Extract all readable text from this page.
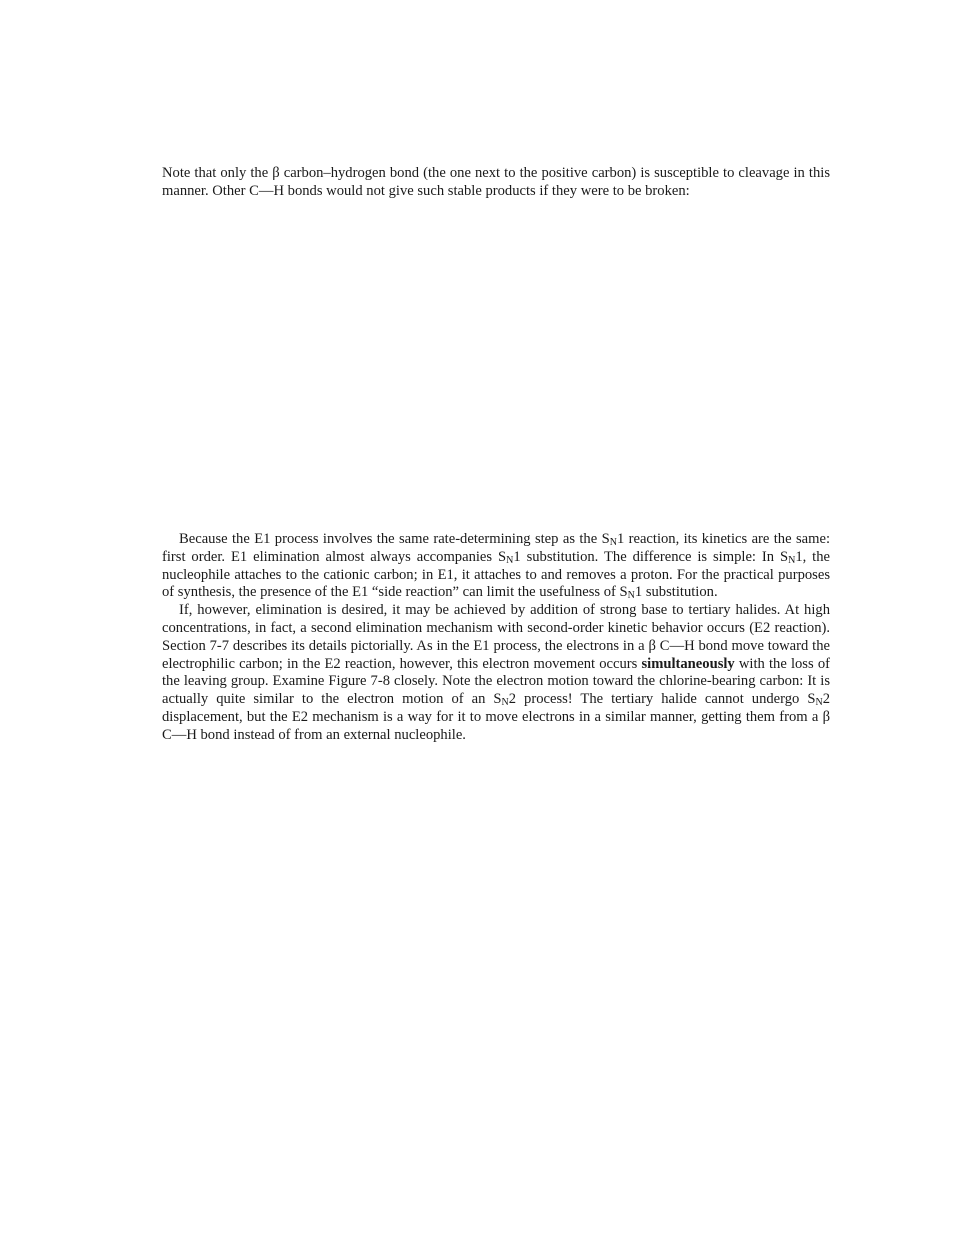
Note that only the β carbon–hydrogen bond (the one next to the positive carbon) is susceptible to cleavage in this manner. Other C—H bonds would not give such stable products if they were to be broken:

Because the E1 process involves the same rate-determining step as the $S_N1$ reaction, its kinetics are the same: first order. E1 elimination almost always accompanies $S_N1$ substitution. The difference is simple: In $S_N1$, the nucleophile attaches to the cationic carbon; in E1, it attaches to and removes a proton. For the practical purposes of synthesis, the presence of the E1 “side reaction” can limit the usefulness of $S_N1$ substitution.

If, however, elimination is desired, it may be achieved by addition of strong base to tertiary halides. At high concentrations, in fact, a second elimination mechanism with second-order kinetic behavior occurs (E2 reaction). Section 7-7 describes its details pictorially. As in the E1 process, the electrons in a β C—H bond move toward the electrophilic carbon; in the E2 reaction, however, this electron movement occurs simultaneously with the loss of the leaving group. Examine Figure 7-8 closely. Note the electron motion toward the chlorine-bearing carbon: It is actually quite similar to the electron motion of an $S_N2$ process! The tertiary halide cannot undergo $S_N2$ displacement, but the E2 mechanism is a way for it to move electrons in a similar manner, getting them from a β C—H bond instead of from an external nucleophile.
